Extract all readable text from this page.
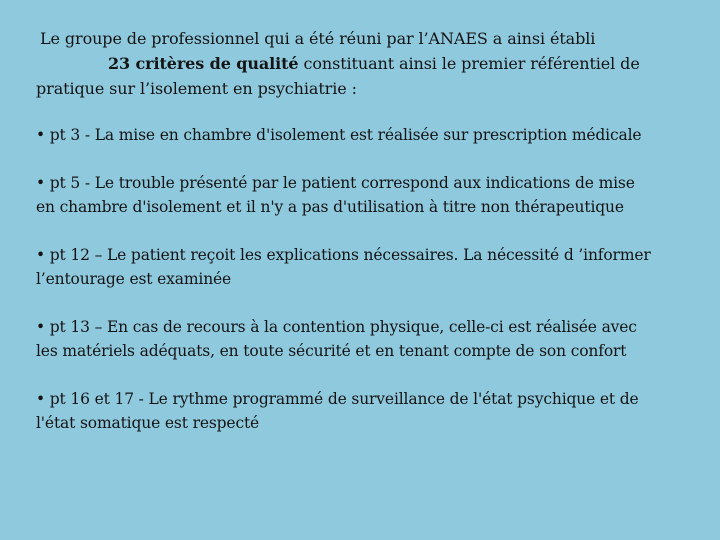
Le groupe de professionnel qui a été réuni par l’ANAES a ainsi établi
23 critères de qualité constituant ainsi le premier référentiel de
pratique sur l’isolement en psychiatrie :
• pt 3 - La mise en chambre d'isolement est réalisée sur prescription médicale
• pt 5 - Le trouble présenté par le patient correspond aux indications de mise
en chambre d'isolement et il n'y a pas d'utilisation à titre non thérapeutique
• pt 12 – Le patient reçoit les explications nécessaires. La nécessité d ’informer
l’entourage est examinée
• pt 13 – En cas de recours à la contention physique, celle-ci est réalisée avec
les matériels adéquats, en toute sécurité et en tenant compte de son confort
• pt 16 et 17 - Le rythme programmé de surveillance de l'état psychique et de
l'état somatique est respecté
